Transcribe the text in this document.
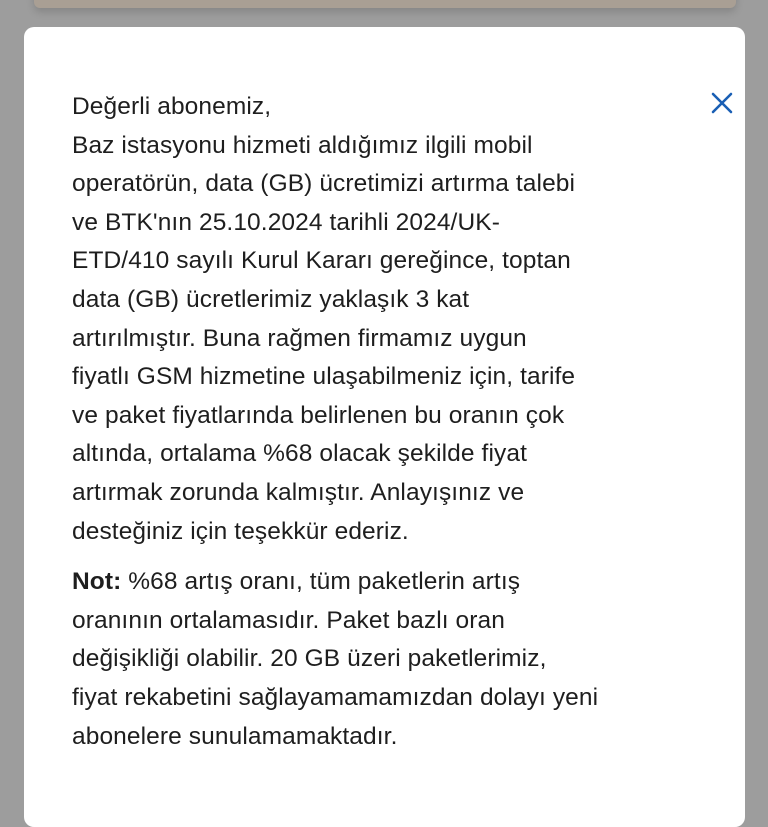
Değerli abonemiz,
Baz istasyonu hizmeti aldığımız ilgili mobil
operatörün, data (GB) ücretimizi artırma talebi
ve BTK'nın 25.10.2024 tarihli 2024/UK-
ETD/410 sayılı Kurul Kararı gereğince, toptan
data (GB) ücretlerimiz yaklaşık 3 kat
artırılmıştır. Buna rağmen firmamız uygun
fiyatlı GSM hizmetine ulaşabilmeniz için, tarife
ve paket fiyatlarında belirlenen bu oranın çok
altında, ortalama %68 olacak şekilde fiyat
artırmak zorunda kalmıştır. Anlayışınız ve
desteğiniz için teşekkür ederiz.
Not: %68 artış oranı, tüm paketlerin artış
oranının ortalamasıdır. Paket bazlı oran
değişikliği olabilir. 20 GB üzeri paketlerimiz,
fiyat rekabetini sağlayamamamızdan dolayı yeni
abonelere sunulamamaktadır.
